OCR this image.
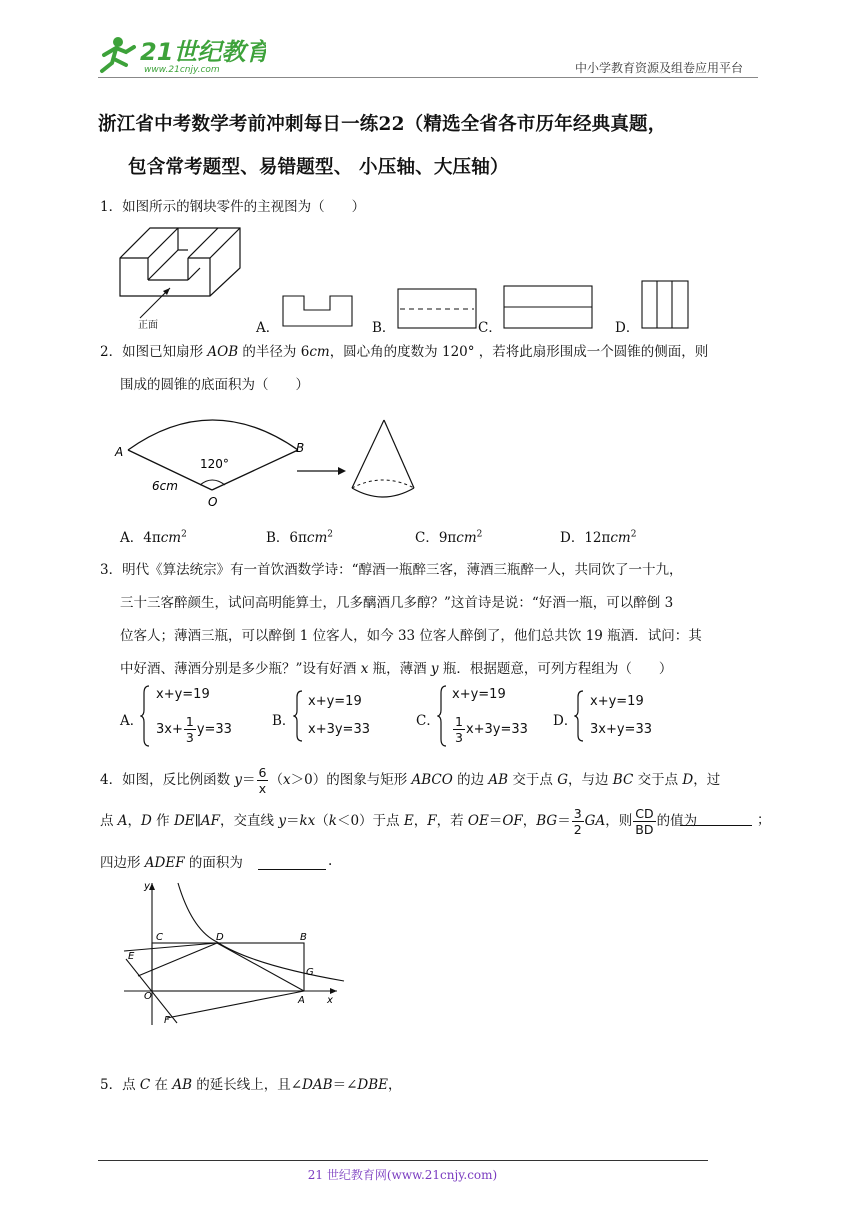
21世纪教育
www.21cnjy.com	中小学教育资源及组卷应用平台
浙江省中考数学考前冲刺每日一练22（精选全省各市历年经典真题，
包含常考题型、易错题型、 小压轴、大压轴）
1．如图所示的钢块零件的主视图为（　　）
正面	A．	B．	C．	D．
2．如图已知扇形 AOB 的半径为 6cm，圆心角的度数为 120° ，若将此扇形围成一个圆锥的侧面，则
围成的圆锥的底面积为（　　）
A	B
O
120°
6cm
A．4πcm$^2$	B．6πcm$^2$	C．9πcm$^2$	D．12πcm$^2$
3．明代《算法统宗》有一首饮酒数学诗：“醇酒一瓶醉三客，薄酒三瓶醉一人，共同饮了一十九，
三十三客醉颜生，试问高明能算士，几多醨酒几多醇？”这首诗是说：“好酒一瓶，可以醉倒 3
位客人；薄酒三瓶，可以醉倒 1 位客人，如今 33 位客人醉倒了，他们总共饮 19 瓶酒．试问：其
中好酒、薄酒分别是多少瓶？”设有好酒 x 瓶，薄酒 y 瓶．根据题意，可列方程组为（　　）
A．
x+y=19
$3x+ \frac{1}{3} y=33$
B．
x+y=19
x+3y=33
C．
x+y=19
$\frac{1}{3} x+3y=33$
D．
x+y=19
3x+y=33
4．如图，反比例函数 $y= \frac{6}{x} (x>0)$的图象与矩形 ABCO 的边 AB 交于点 G，与边 BC 交于点 D，过
点 A，D 作 DE∥AF，交直线 y＝kx（k＜0）于点 E，F，若 OE＝OF，$BG= \frac{3}{2}$ GA，则 $\frac{CD}{BD}$ 的值为	；
四边形 ADEF 的面积为	.
y
x
C	D	B
E
G
O	A
F
5．点 C 在 AB 的延长线上，且∠DAB＝∠DBE，
21 世纪教育网(www.21cnjy.com)
